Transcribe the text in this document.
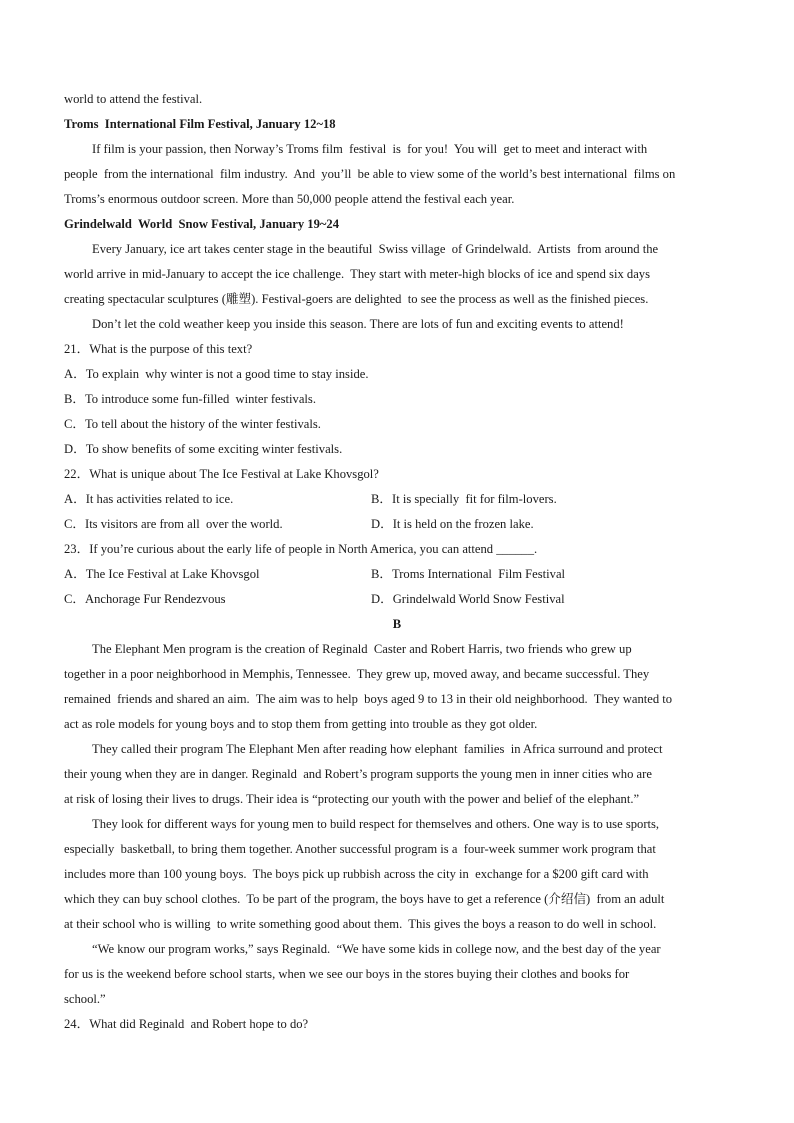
world to attend the festival.
Troms  International Film Festival, January 12~18
If film is your passion, then Norway’s Troms film  festival  is  for you!  You will  get to meet and interact with
people  from the international  film industry.  And  you’ll  be able to view some of the world’s best international  films on
Troms’s enormous outdoor screen. More than 50,000 people attend the festival each year.
Grindelwald  World  Snow Festival, January 19~24
Every January, ice art takes center stage in the beautiful  Swiss village  of Grindelwald.  Artists  from around the
world arrive in mid-January to accept the ice challenge.  They start with meter-high blocks of ice and spend six days
creating spectacular sculptures (雕塑). Festival-goers are delighted  to see the process as well as the finished pieces.
Don’t let the cold weather keep you inside this season. There are lots of fun and exciting events to attend!
21．What is the purpose of this text?
A．To explain  why winter is not a good time to stay inside.
B．To introduce some fun-filled  winter festivals.
C．To tell about the history of the winter festivals.
D．To show benefits of some exciting winter festivals.
22．What is unique about The Ice Festival at Lake Khovsgol?
A．It has activities related to ice.	B．It is specially  fit for film-lovers.
C．Its visitors are from all  over the world.	D．It is held on the frozen lake.
23．If you’re curious about the early life of people in North America, you can attend ______.
A．The Ice Festival at Lake Khovsgol	B．Troms International  Film Festival
C．Anchorage Fur Rendezvous	D．Grindelwald World Snow Festival
B
The Elephant Men program is the creation of Reginald  Caster and Robert Harris, two friends who grew up
together in a poor neighborhood in Memphis, Tennessee.  They grew up, moved away, and became successful. They
remained  friends and shared an aim.  The aim was to help  boys aged 9 to 13 in their old neighborhood.  They wanted to
act as role models for young boys and to stop them from getting into trouble as they got older.
They called their program The Elephant Men after reading how elephant  families  in Africa surround and protect
their young when they are in danger. Reginald  and Robert’s program supports the young men in inner cities who are
at risk of losing their lives to drugs. Their idea is “protecting our youth with the power and belief of the elephant.”
They look for different ways for young men to build respect for themselves and others. One way is to use sports,
especially  basketball, to bring them together. Another successful program is a  four-week summer work program that
includes more than 100 young boys.  The boys pick up rubbish across the city in  exchange for a $200 gift card with
which they can buy school clothes.  To be part of the program, the boys have to get a reference (介绍信)  from an adult
at their school who is willing  to write something good about them.  This gives the boys a reason to do well in school.
“We know our program works,” says Reginald.  “We have some kids in college now, and the best day of the year
for us is the weekend before school starts, when we see our boys in the stores buying their clothes and books for
school.”
24．What did Reginald  and Robert hope to do?
